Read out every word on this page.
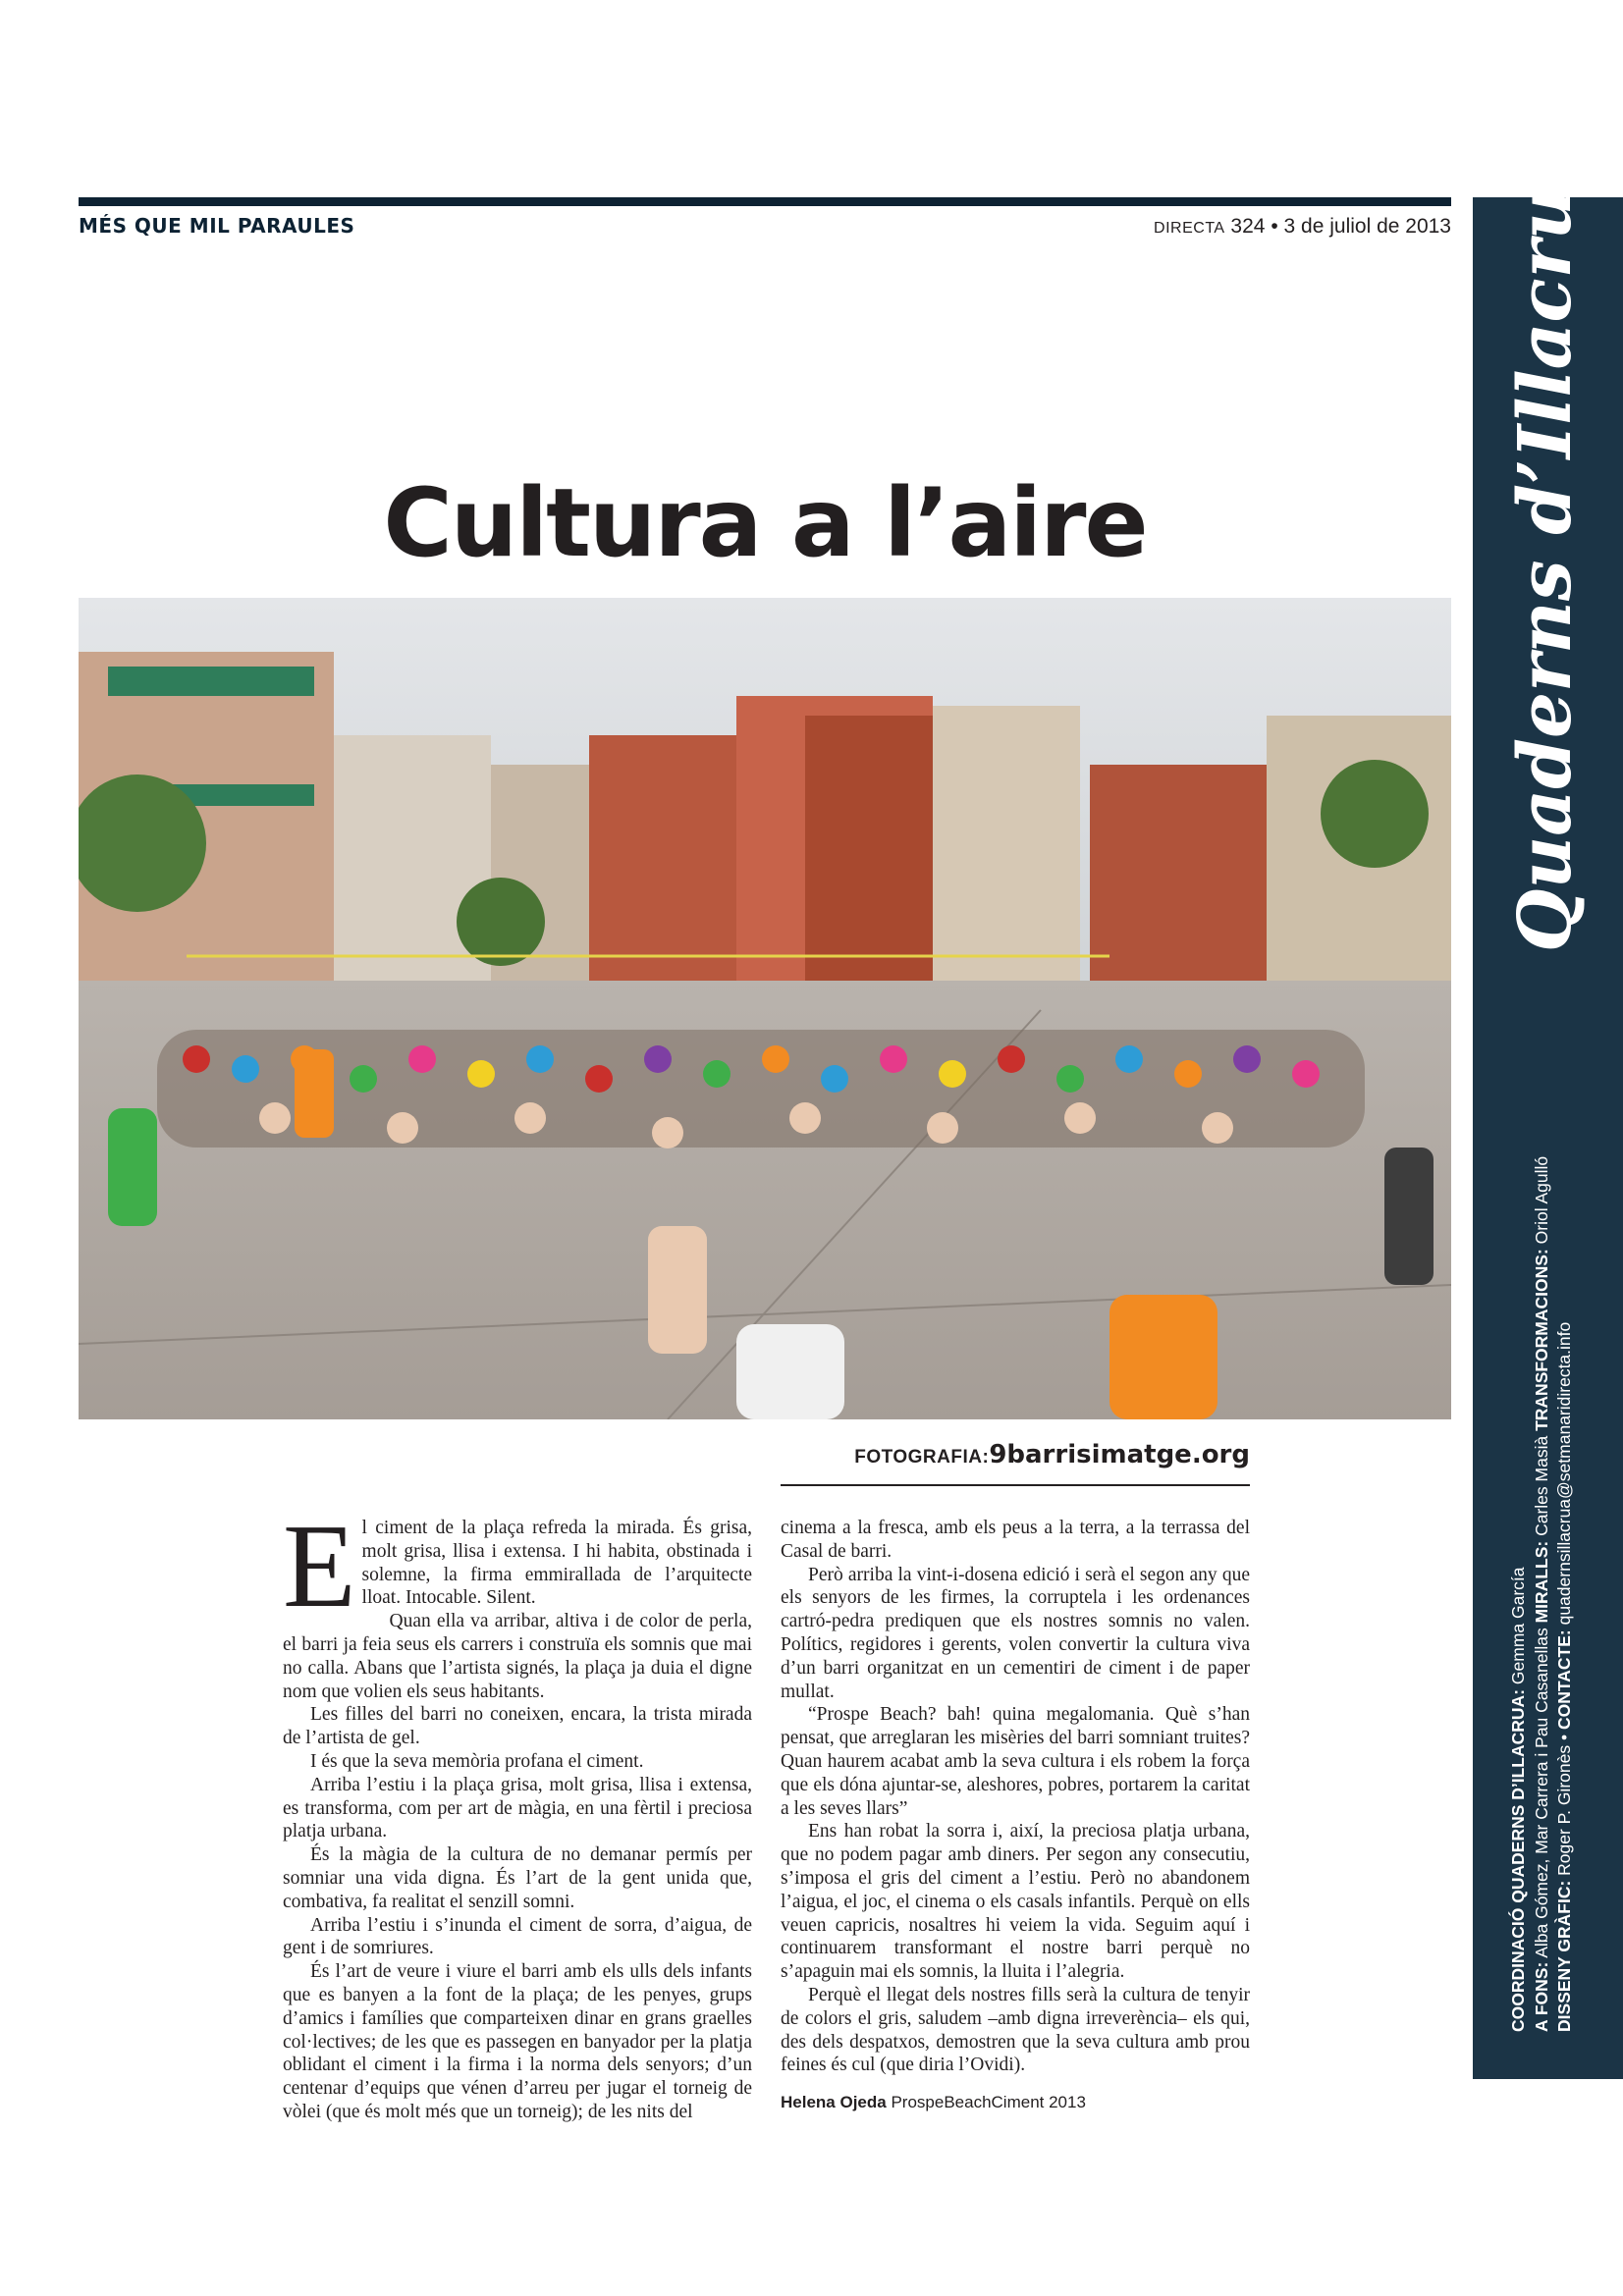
MÉS QUE MIL PARAULES	DIRECTA 324 • 3 de juliol de 2013 Quaderns d’Illacrua
COORDINACIÓ QUADERNS D’ILLACRUA: Gemma García
A FONS: Alba Gómez, Mar Carrera i Pau Casanellas MIRALLS: Carles Masià TRANSFORMACIONS: Oriol Agulló
DISSENY GRÀFIC: Roger P. Gironès • CONTACTE: quadernsillacrua@setmanaridirecta.info
Cultura a l’aire
FOTOGRAFIA:9barrisimatge.org

El ciment de la plaça refreda la mirada. És grisa, molt grisa, llisa i extensa. I hi habita, obstinada i solemne, la firma emmirallada de l’arquitecte lloat. Intocable. Silent.

Quan ella va arribar, altiva i de color de perla, el barri ja feia seus els carrers i construïa els somnis que mai no calla. Abans que l’artista signés, la plaça ja duia el digne nom que volien els seus habitants.

Les filles del barri no coneixen, encara, la trista mirada de l’artista de gel.

I és que la seva memòria profana el ciment.

Arriba l’estiu i la plaça grisa, molt grisa, llisa i extensa, es transforma, com per art de màgia, en una fèrtil i preciosa platja urbana.

És la màgia de la cultura de no demanar permís per somniar una vida digna. És l’art de la gent unida que, combativa, fa realitat el senzill somni.

Arriba l’estiu i s’inunda el ciment de sorra, d’aigua, de gent i de somriures.

És l’art de veure i viure el barri amb els ulls dels infants que es banyen a la font de la plaça; de les penyes, grups d’amics i famílies que comparteixen dinar en grans graelles col·lectives; de les que es passegen en banyador per la platja oblidant el ciment i la firma i la norma dels senyors; d’un centenar d’equips que vénen d’arreu per jugar el torneig de vòlei (que és molt més que un torneig); de les nits del

cinema a la fresca, amb els peus a la terra, a la terrassa del Casal de barri.

Però arriba la vint-i-dosena edició i serà el segon any que els senyors de les firmes, la corruptela i les ordenances cartró-pedra prediquen que els nostres somnis no valen. Polítics, regidores i gerents, volen convertir la cultura viva d’un barri organitzat en un cementiri de ciment i de paper mullat.

“Prospe Beach? bah! quina megalomania. Què s’han pensat, que arreglaran les misèries del barri somniant truites? Quan haurem acabat amb la seva cultura i els robem la força que els dóna ajuntar-se, aleshores, pobres, portarem la caritat a les seves llars”

Ens han robat la sorra i, així, la preciosa platja urbana, que no podem pagar amb diners. Per segon any consecutiu, s’imposa el gris del ciment a l’estiu. Però no abandonem l’aigua, el joc, el cinema o els casals infantils. Perquè on ells veuen capricis, nosaltres hi veiem la vida. Seguim aquí i continuarem transformant el nostre barri perquè no s’apaguin mai els somnis, la lluita i l’alegria.

Perquè el llegat dels nostres fills serà la cultura de tenyir de colors el gris, saludem –amb digna irreverència– els qui, des dels despatxos, demostren que la seva cultura amb prou feines és cul (que diria l’Ovidi).

Helena Ojeda ProspeBeachCiment 2013
